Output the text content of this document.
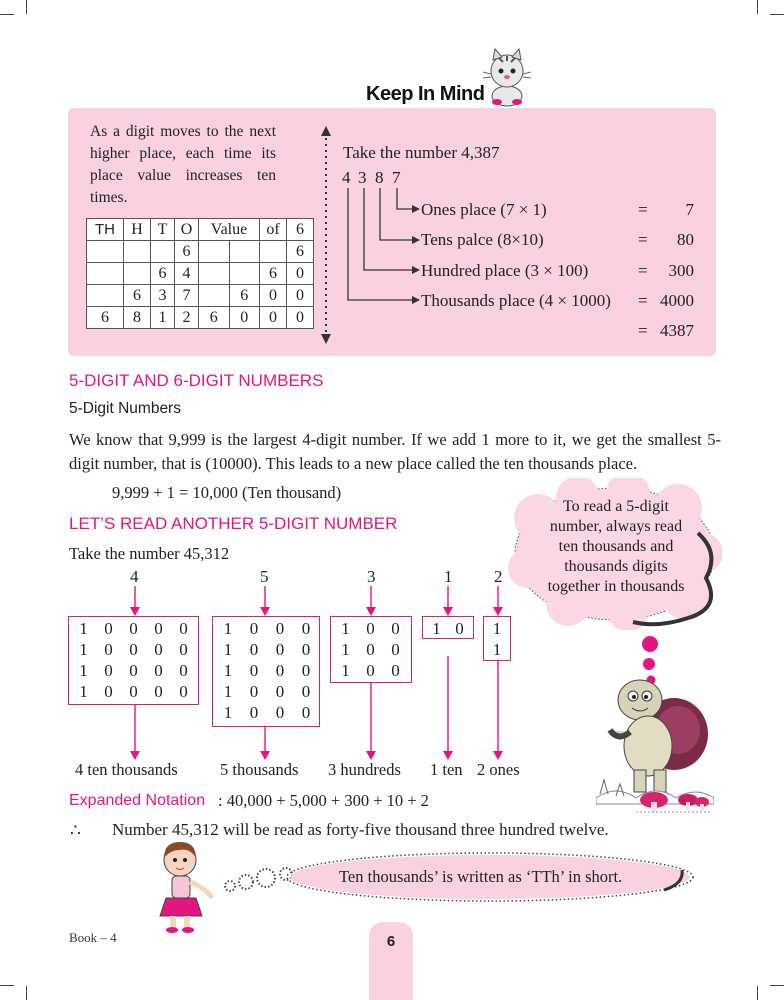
Keep In Mind
As a digit moves to the next higher place, each time its place value increases ten times.
TH	H	T	O	Value		of	6
			6				6
		6	4			6	0
	6	3	7		6	0	0
6	8	1	2	6	0	0	0
Take the number 4,387
4 3 8 7
Ones place (7 × 1)	=	7
Tens palce (8×10)	=	80
Hundred place (3 × 100)	=	300
Thousands place (4 × 1000) = 4000
= 4387
5-DIGIT AND 6-DIGIT NUMBERS
5-Digit Numbers
We know that 9,999 is the largest 4-digit number. If we add 1 more to it, we get the smallest 5-digit number, that is (10000). This leads to a new place called the ten thousands place.
9,999 + 1 = 10,000 (Ten thousand)
LET’S READ ANOTHER 5-DIGIT NUMBER
Take the number 45,312
4	5	3	1 2
1 0 0 0 0
1 0 0 0 0
1 0 0 0 0
1 0 0 0 0
1	0	0	0
1	0	0	0
1	0	0	0
1	0	0	0
1	0	0	0
1 0 0
1 0 0
1 0 0
1 0	1
1
4 ten thousands	5 thousands 3 hundreds 1 ten 2 ones
To read a 5-digit number, always read ten thousands and thousands digits together in thousands
Expanded Notation : 40,000 + 5,000 + 300 + 10 + 2
∴ Number 45,312 will be read as forty-five thousand three hundred twelve.
Ten thousands’ is written as ‘TTh’ in short.
Book – 4	6
